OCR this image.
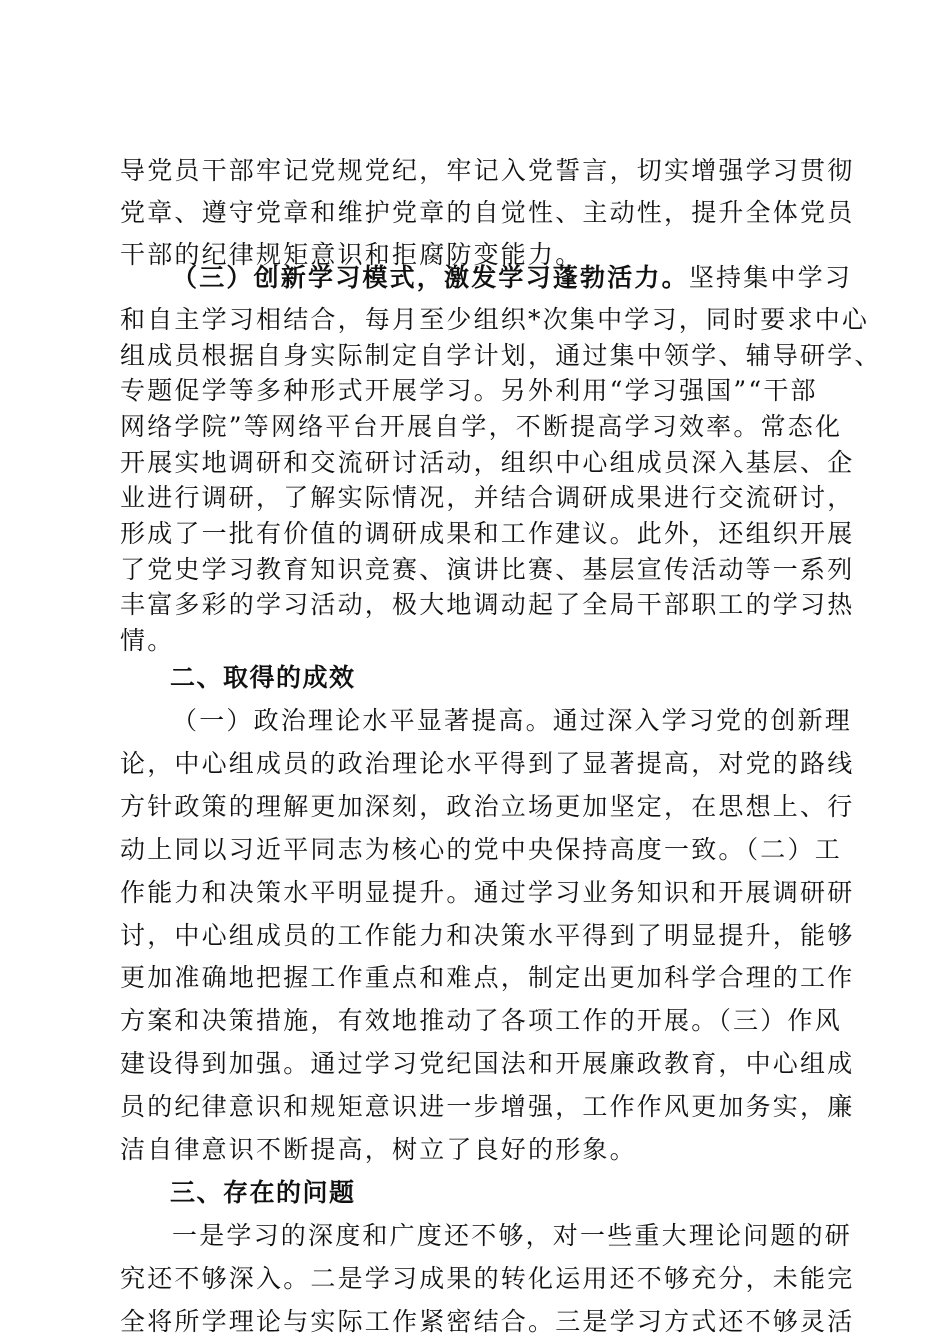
导党员干部牢记党规党纪，牢记入党誓言，切实增强学习贯彻
党章、遵守党章和维护党章的自觉性、主动性，提升全体党员
干部的纪律规矩意识和拒腐防变能力。
（三）创新学习模式，激发学习蓬勃活力。坚持集中学习
和自主学习相结合，每月至少组织*次集中学习，同时要求中心
组成员根据自身实际制定自学计划，通过集中领学、辅导研学、
专题促学等多种形式开展学习。另外利用“学习强国”“干部
网络学院”等网络平台开展自学，不断提高学习效率。常态化
开展实地调研和交流研讨活动，组织中心组成员深入基层、企
业进行调研，了解实际情况，并结合调研成果进行交流研讨，
形成了一批有价值的调研成果和工作建议。此外，还组织开展
了党史学习教育知识竞赛、演讲比赛、基层宣传活动等一系列
丰富多彩的学习活动，极大地调动起了全局干部职工的学习热
情。
二、取得的成效
（一）政治理论水平显著提高。通过深入学习党的创新理
论，中心组成员的政治理论水平得到了显著提高，对党的路线
方针政策的理解更加深刻，政治立场更加坚定，在思想上、行
动上同以习近平同志为核心的党中央保持高度一致。（二）工
作能力和决策水平明显提升。通过学习业务知识和开展调研研
讨，中心组成员的工作能力和决策水平得到了明显提升，能够
更加准确地把握工作重点和难点，制定出更加科学合理的工作
方案和决策措施，有效地推动了各项工作的开展。（三）作风
建设得到加强。通过学习党纪国法和开展廉政教育，中心组成
员的纪律意识和规矩意识进一步增强，工作作风更加务实，廉
洁自律意识不断提高，树立了良好的形象。
三、存在的问题
一是学习的深度和广度还不够，对一些重大理论问题的研
究还不够深入。二是学习成果的转化运用还不够充分，未能完
全将所学理论与实际工作紧密结合。三是学习方式还不够灵活
